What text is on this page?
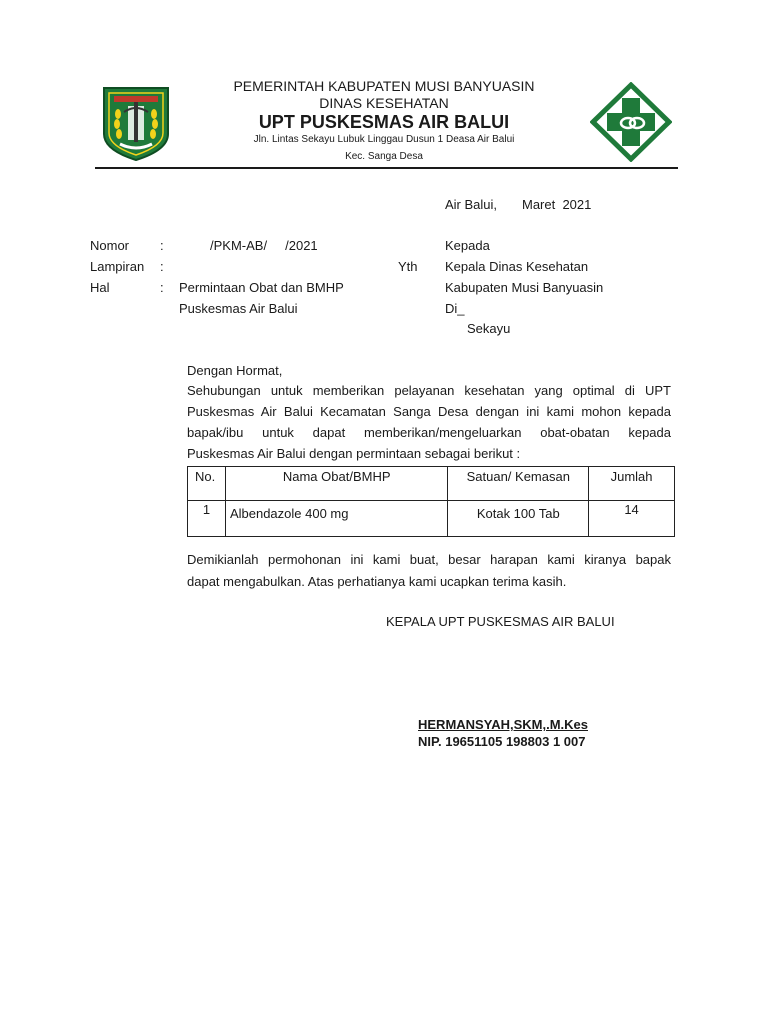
PEMERINTAH KABUPATEN MUSI BANYUASIN
DINAS KESEHATAN
UPT PUSKESMAS AIR BALUI
Jln. Lintas Sekayu Lubuk Linggau Dusun 1 Deasa Air Balui
Kec. Sanga Desa
Air Balui, Maret  2021
Nomor :	/PKM-AB/     /2021
Lampiran :
Hal	: Permintaan Obat dan BMHP
Puskesmas Air Balui
Kepada
Yth Kepala Dinas Kesehatan
Kabupaten Musi Banyuasin
Di_
Sekayu
Dengan Hormat,
Sehubungan untuk memberikan pelayanan kesehatan yang optimal di UPT
Puskesmas Air Balui Kecamatan Sanga Desa dengan ini kami mohon kepada
bapak/ibu untuk dapat memberikan/mengeluarkan obat-obatan kepada
Puskesmas Air Balui dengan permintaan sebagai berikut :
No.	Nama Obat/BMHP	Satuan/ Kemasan	Jumlah
1	Albendazole 400 mg	Kotak 100 Tab	14
Demikianlah permohonan ini kami buat, besar harapan kami kiranya bapak
dapat mengabulkan. Atas perhatianya kami ucapkan terima kasih.
KEPALA UPT PUSKESMAS AIR BALUI
HERMANSYAH,SKM,.M.Kes
NIP. 19651105 198803 1 007
